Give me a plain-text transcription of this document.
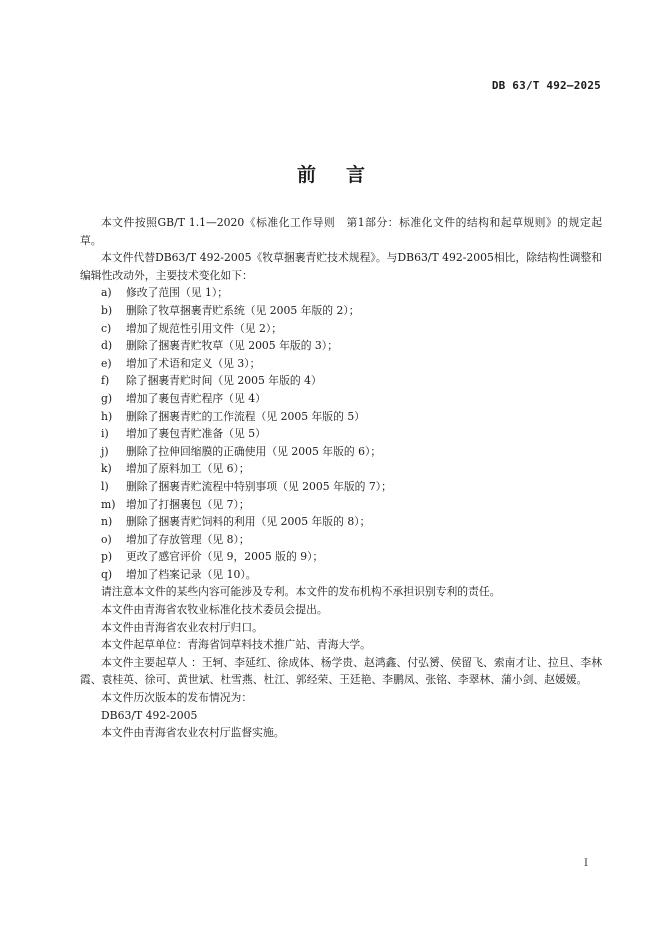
DB 63/T 492—2025
前 言
本文件按照GB/T 1.1—2020《标准化工作导则　第1部分：标准化文件的结构和起草规则》的规定起草。
本文件代替DB63/T 492-2005《牧草捆裹青贮技术规程》。与DB63/T 492-2005相比，除结构性调整和编辑性改动外，主要技术变化如下：
a) 修改了范围（见 1）；
b) 删除了牧草捆裹青贮系统（见 2005 年版的 2）；
c) 增加了规范性引用文件（见 2）；
d) 删除了捆裹青贮牧草（见 2005 年版的 3）；
e) 增加了术语和定义（见 3）；
f) 除了捆裹青贮时间（见 2005 年版的 4）
g) 增加了裹包青贮程序（见 4）
h) 删除了捆裹青贮的工作流程（见 2005 年版的 5）
i) 增加了裹包青贮准备（见 5）
j) 删除了拉伸回缩膜的正确使用（见 2005 年版的 6）；
k) 增加了原料加工（见 6）；
l) 删除了捆裹青贮流程中特别事项（见 2005 年版的 7）；
m) 增加了打捆裹包（见 7）；
n) 删除了捆裹青贮饲料的利用（见 2005 年版的 8）；
o) 增加了存放管理（见 8）；
p) 更改了感官评价（见 9，2005 版的 9）；
q) 增加了档案记录（见 10）。
请注意本文件的某些内容可能涉及专利。本文件的发布机构不承担识别专利的责任。
本文件由青海省农牧业标准化技术委员会提出。
本文件由青海省农业农村厅归口。
本文件起草单位：青海省饲草料技术推广站、青海大学。
本文件主要起草人 ：王轲、李延红、徐成体、杨学贵、赵鸿鑫、付弘赟、侯留飞、索南才让、拉旦、李林霞、袁桂英、徐可、黄世斌、杜雪燕、杜江、郭经荣、王廷艳、李鹏凤、张铭、李翠林、蒲小剑、赵媛媛。
本文件历次版本的发布情况为：
DB63/T 492-2005
本文件由青海省农业农村厅监督实施。
I
